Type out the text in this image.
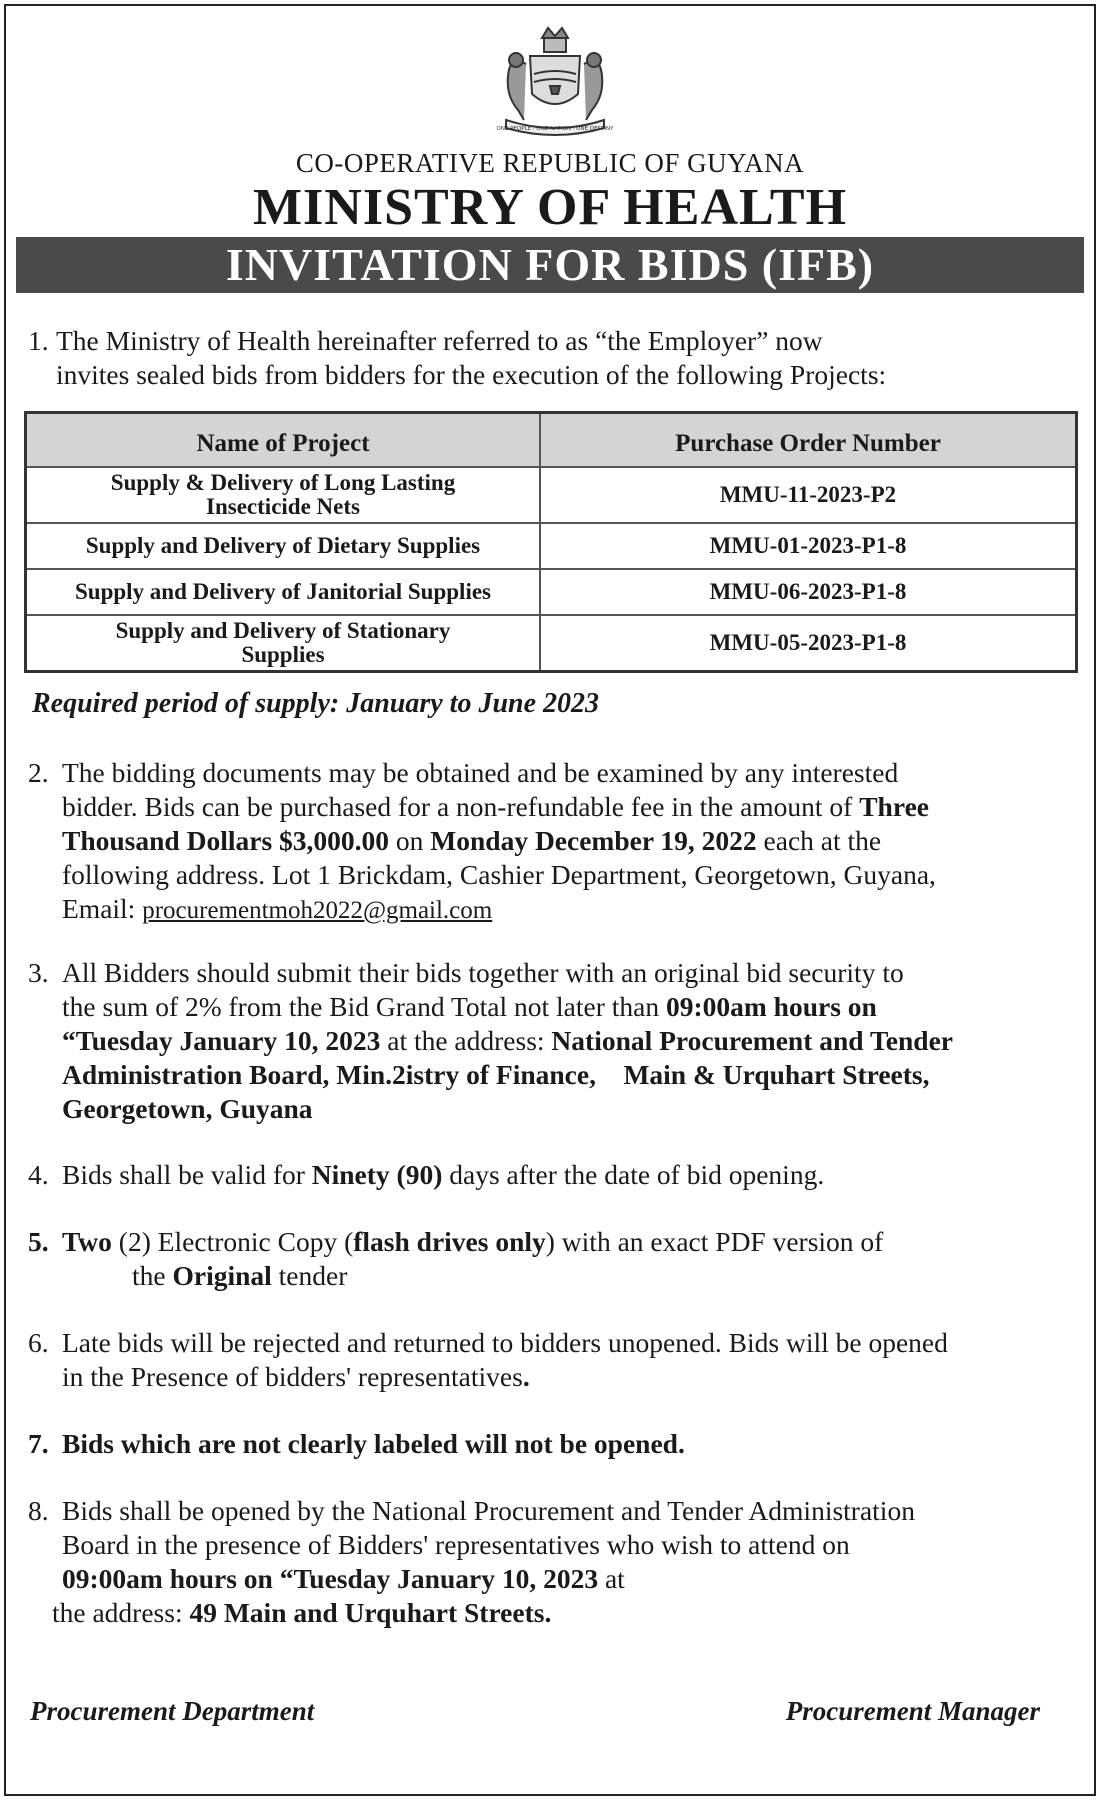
ONE PEOPLE · ONE NATION · ONE DESTINY
CO-OPERATIVE REPUBLIC OF GUYANA
MINISTRY OF HEALTH
INVITATION FOR BIDS (IFB)
1. The Ministry of Health hereinafter referred to as “the Employer” now
invites sealed bids from bidders for the execution of the following Projects:
Name of Project	Purchase Order Number

Supply & Delivery of Long Lasting
Insecticide Nets	MMU-11-2023-P2
Supply and Delivery of Dietary Supplies	MMU-01-2023-P1-8
Supply and Delivery of Janitorial Supplies	MMU-06-2023-P1-8

Supply and Delivery of Stationary
Supplies	MMU-05-2023-P1-8
Required period of supply: January to June 2023
2. The bidding documents may be obtained and be examined by any interested
bidder. Bids can be purchased for a non-refundable fee in the amount of Three
Thousand Dollars $3,000.00 on Monday December 19, 2022 each at the
following address. Lot 1 Brickdam, Cashier Department, Georgetown, Guyana,
Email: procurementmoh2022@gmail.com
3. All Bidders should submit their bids together with an original bid security to
the sum of 2% from the Bid Grand Total not later than 09:00am hours on
“Tuesday January 10, 2023 at the address: National Procurement and Tender
Administration Board, Min.2istry of Finance,    Main & Urquhart Streets,
Georgetown, Guyana
4. Bids shall be valid for Ninety (90) days after the date of bid opening.
5. Two (2) Electronic Copy (flash drives only) with an exact PDF version of
the Original tender
6. Late bids will be rejected and returned to bidders unopened. Bids will be opened
in the Presence of bidders' representatives.
7. Bids which are not clearly labeled will not be opened.
8. Bids shall be opened by the National Procurement and Tender Administration
Board in the presence of Bidders' representatives who wish to attend on
09:00am hours on “Tuesday January 10, 2023 at
the address: 49 Main and Urquhart Streets.
Procurement Department	Procurement Manager
